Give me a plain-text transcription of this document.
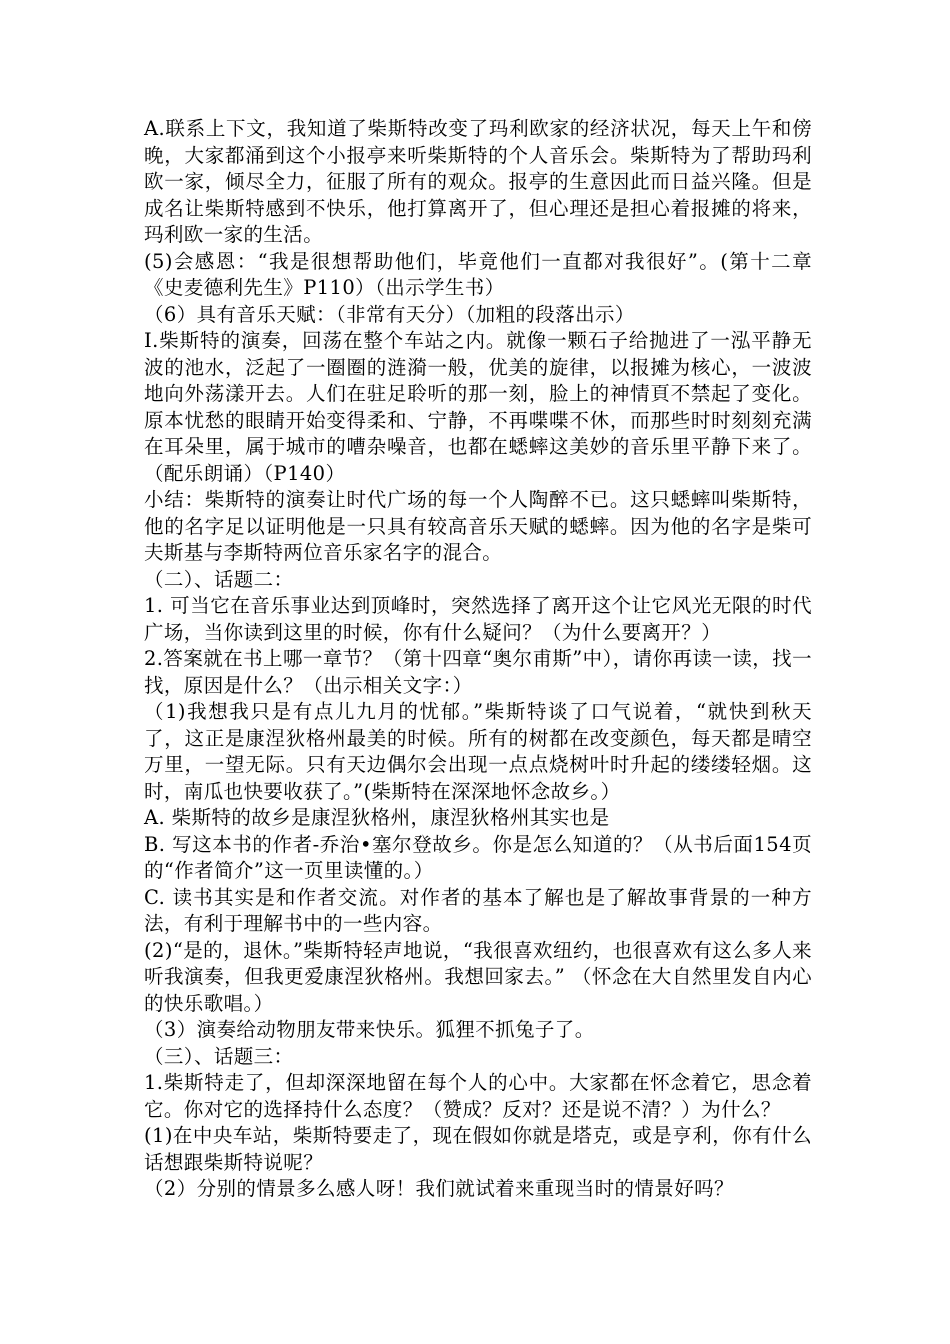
A.联系上下文，我知道了柴斯特改变了玛利欧家的经济状况，每天上午和傍晚，大家都涌到这个小报亭来听柴斯特的个人音乐会。柴斯特为了帮助玛利欧一家，倾尽全力，征服了所有的观众。报亭的生意因此而日益兴隆。但是成名让柴斯特感到不快乐，他打算离开了，但心理还是担心着报摊的将来，玛利欧一家的生活。

(5)会感恩：“我是很想帮助他们，毕竟他们一直都对我很好”。(第十二章《史麦德利先生》P110）（出示学生书）

（6）具有音乐天赋：（非常有天分）（加粗的段落出示）

I.柴斯特的演奏，回荡在整个车站之内。就像一颗石子给抛进了一泓平静无波的池水，泛起了一圈圈的涟漪一般，优美的旋律，以报摊为核心，一波波地向外荡漾开去。人们在驻足聆听的那一刻，脸上的神情頁不禁起了变化。原本忧愁的眼睛开始变得柔和、宁静，不再喋喋不休，而那些时时刻刻充满在耳朵里，属于城市的嘈杂噪音，也都在蟋蟀这美妙的音乐里平静下来了。（配乐朗诵）（P140）

小结：柴斯特的演奏让时代广场的每一个人陶醉不已。这只蟋蟀叫柴斯特，他的名字足以证明他是一只具有较高音乐天赋的蟋蟀。因为他的名字是柴可夫斯基与李斯特两位音乐家名字的混合。

（二）、话题二：

1. 可当它在音乐事业达到顶峰时，突然选择了离开这个让它风光无限的时代广场，当你读到这里的时候，你有什么疑问？（为什么要离开？）

2.答案就在书上哪一章节？（第十四章“奥尔甫斯”中），请你再读一读，找一找，原因是什么？（出示相关文字：）

（1)我想我只是有点儿九月的忧郁。”柴斯特谈了口气说着，“就快到秋天了，这正是康涅狄格州最美的时候。所有的树都在改变颜色，每天都是晴空万里，一望无际。只有天边偶尔会出现一点点烧树叶时升起的缕缕轻烟。这时，南瓜也快要收获了。”(柴斯特在深深地怀念故乡。）

A. 柴斯特的故乡是康涅狄格州，康涅狄格州其实也是

B. 写这本书的作者-乔治•塞尔登故乡。你是怎么知道的？（从书后面154页的“作者简介”这一页里读懂的。）

C. 读书其实是和作者交流。对作者的基本了解也是了解故事背景的一种方法，有利于理解书中的一些内容。

(2)“是的，退休。”柴斯特轻声地说，“我很喜欢纽约，也很喜欢有这么多人来听我演奏，但我更爱康涅狄格州。我想回家去。” （怀念在大自然里发自内心的快乐歌唱。）

（3）演奏给动物朋友带来快乐。狐狸不抓兔子了。

（三）、话题三：

1.柴斯特走了，但却深深地留在每个人的心中。大家都在怀念着它，思念着它。你对它的选择持什么态度？（赞成？反对？还是说不清？）为什么？

(1)在中央车站，柴斯特要走了，现在假如你就是塔克，或是亨利，你有什么话想跟柴斯特说呢？

（2）分别的情景多么感人呀！我们就试着来重现当时的情景好吗？
